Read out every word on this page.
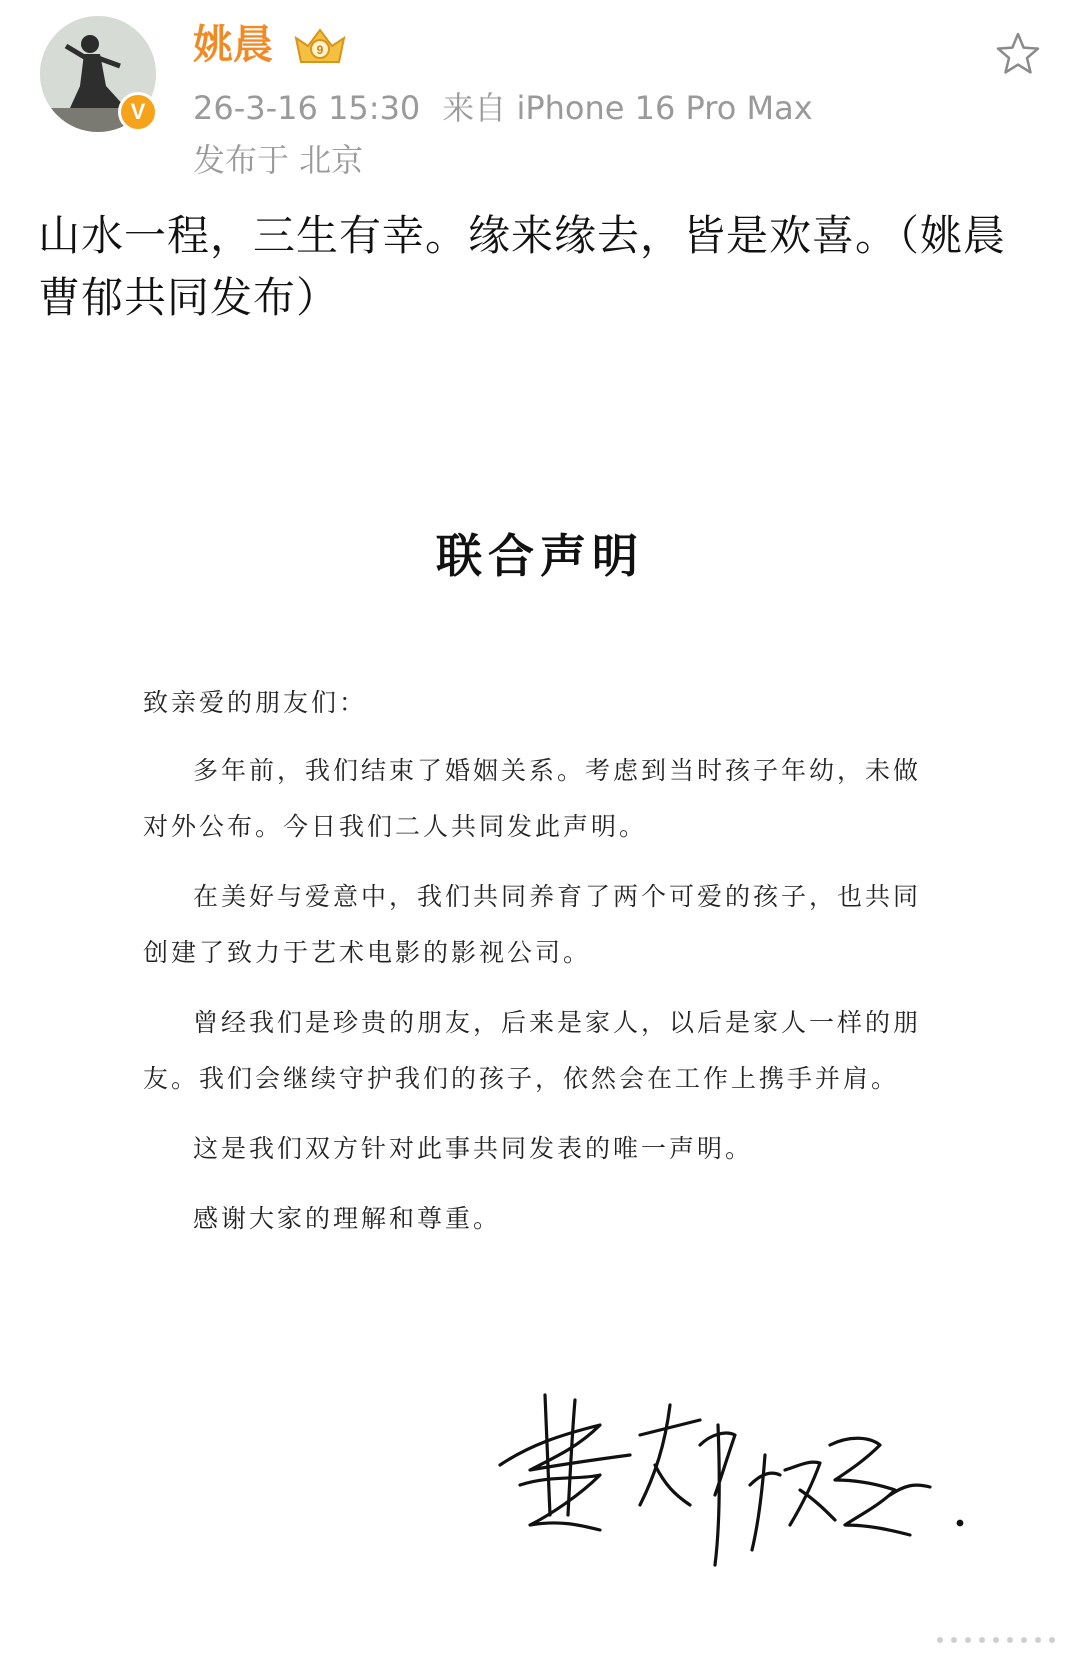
V
姚晨	9
26-3-16 15:30 来自 iPhone 16 Pro Max
发布于 北京
山水一程，三生有幸。缘来缘去，皆是欢喜。（姚晨曹郁共同发布）
联合声明

致亲爱的朋友们：

多年前，我们结束了婚姻关系。考虑到当时孩子年幼，未做对外公布。今日我们二人共同发此声明。

在美好与爱意中，我们共同养育了两个可爱的孩子，也共同创建了致力于艺术电影的影视公司。

曾经我们是珍贵的朋友，后来是家人，以后是家人一样的朋友。我们会继续守护我们的孩子，依然会在工作上携手并肩。

这是我们双方针对此事共同发表的唯一声明。

感谢大家的理解和尊重。
